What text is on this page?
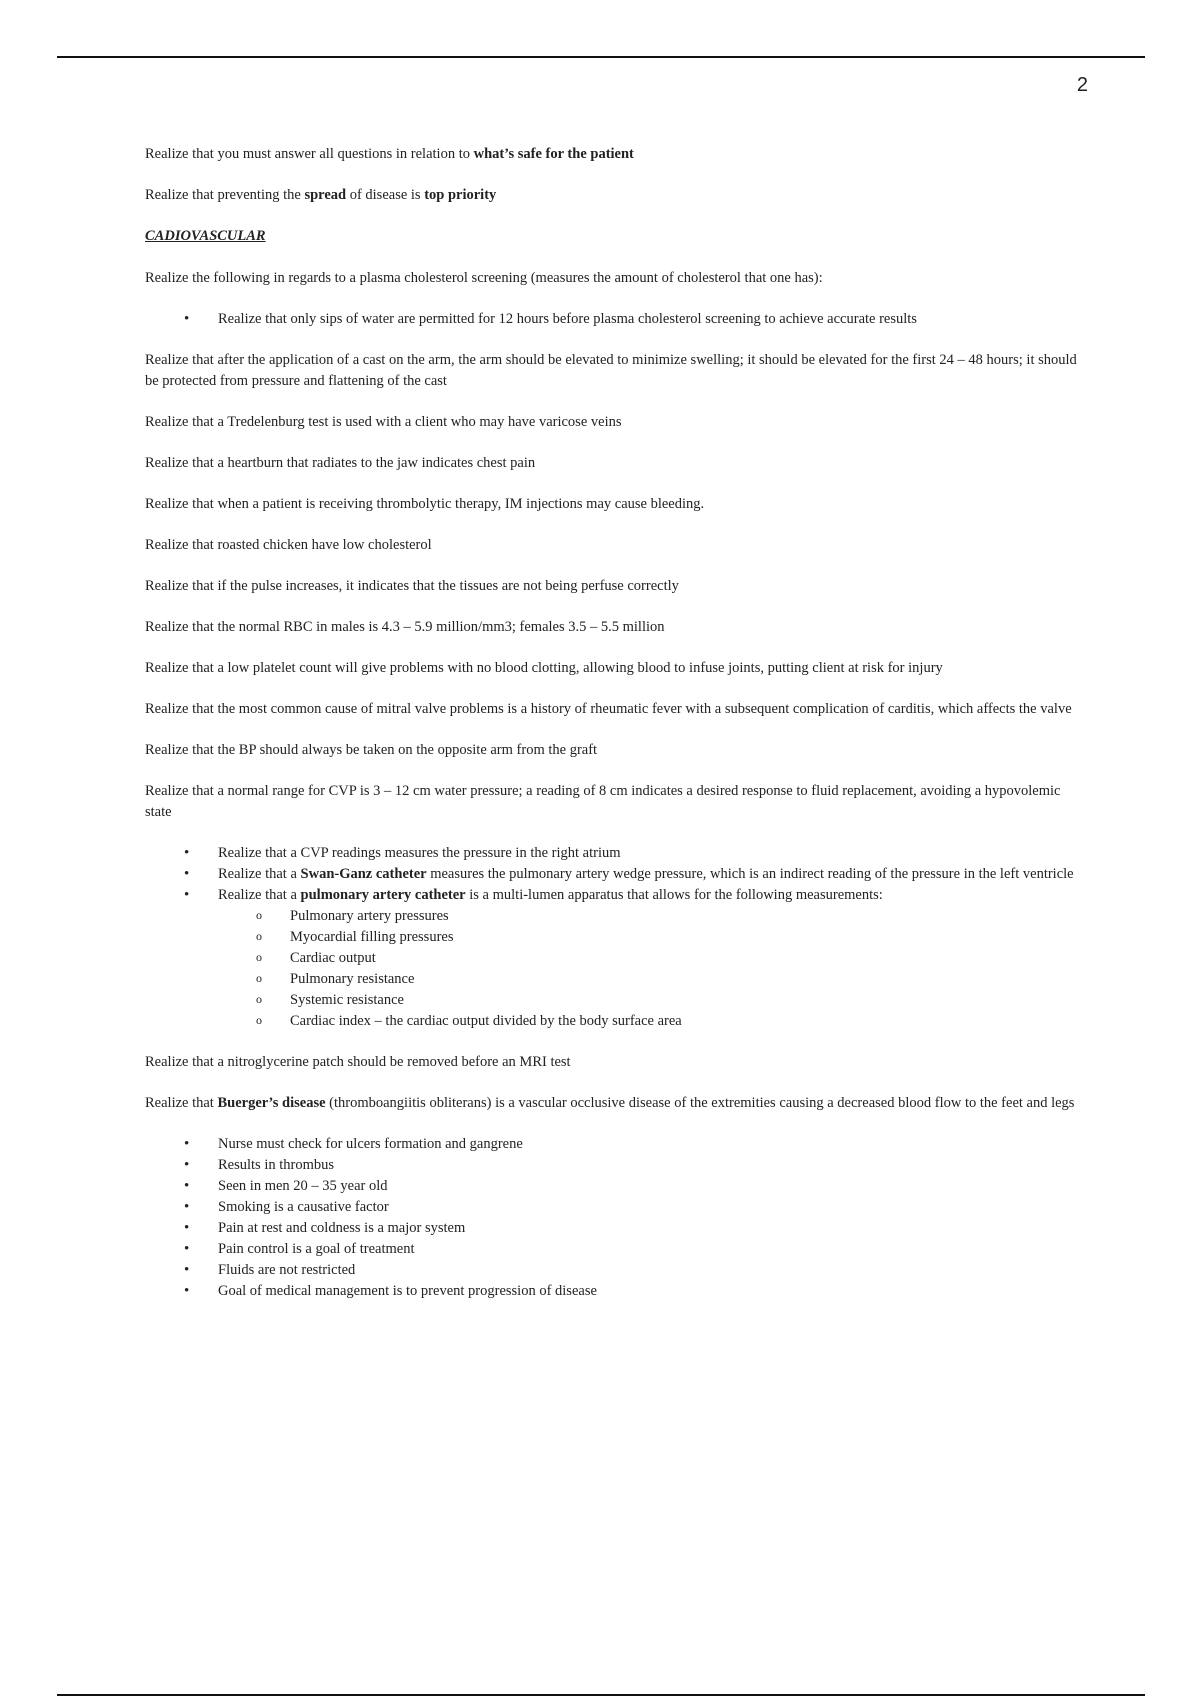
2

Realize that you must answer all questions in relation to what’s safe for the patient

Realize that preventing the spread of disease is top priority

CADIOVASCULAR

Realize the following in regards to a plasma cholesterol screening (measures the amount of cholesterol that one has):

• Realize that only sips of water are permitted for 12 hours before plasma cholesterol screening to achieve accurate results

Realize that after the application of a cast on the arm, the arm should be elevated to minimize swelling; it should be elevated for the first 24 – 48 hours; it should be protected from pressure and flattening of the cast

Realize that a Tredelenburg test is used with a client who may have varicose veins

Realize that a heartburn that radiates to the jaw indicates chest pain

Realize that when a patient is receiving thrombolytic therapy, IM injections may cause bleeding.

Realize that roasted chicken have low cholesterol

Realize that if the pulse increases, it indicates that the tissues are not being perfuse correctly

Realize that the normal RBC in males is 4.3 – 5.9 million/mm3; females 3.5 – 5.5 million

Realize that a low platelet count will give problems with no blood clotting, allowing blood to infuse joints, putting client at risk for injury

Realize that the most common cause of mitral valve problems is a history of rheumatic fever with a subsequent complication of carditis, which affects the valve

Realize that the BP should always be taken on the opposite arm from the graft

Realize that a normal range for CVP is 3 – 12 cm water pressure; a reading of 8 cm indicates a desired response to fluid replacement, avoiding a hypovolemic state

• Realize that a CVP readings measures the pressure in the right atrium
• Realize that a Swan-Ganz catheter measures the pulmonary artery wedge pressure, which is an indirect reading of the pressure in the left ventricle
• Realize that a pulmonary artery catheter is a multi-lumen apparatus that allows for the following measurements:
o Pulmonary artery pressures
o Myocardial filling pressures
o Cardiac output
o Pulmonary resistance
o Systemic resistance
o Cardiac index – the cardiac output divided by the body surface area

Realize that a nitroglycerine patch should be removed before an MRI test

Realize that Buerger’s disease (thromboangiitis obliterans) is a vascular occlusive disease of the extremities causing a decreased blood flow to the feet and legs

• Nurse must check for ulcers formation and gangrene
• Results in thrombus
• Seen in men 20 – 35 year old
• Smoking is a causative factor
• Pain at rest and coldness is a major system
• Pain control is a goal of treatment
• Fluids are not restricted
• Goal of medical management is to prevent progression of disease
